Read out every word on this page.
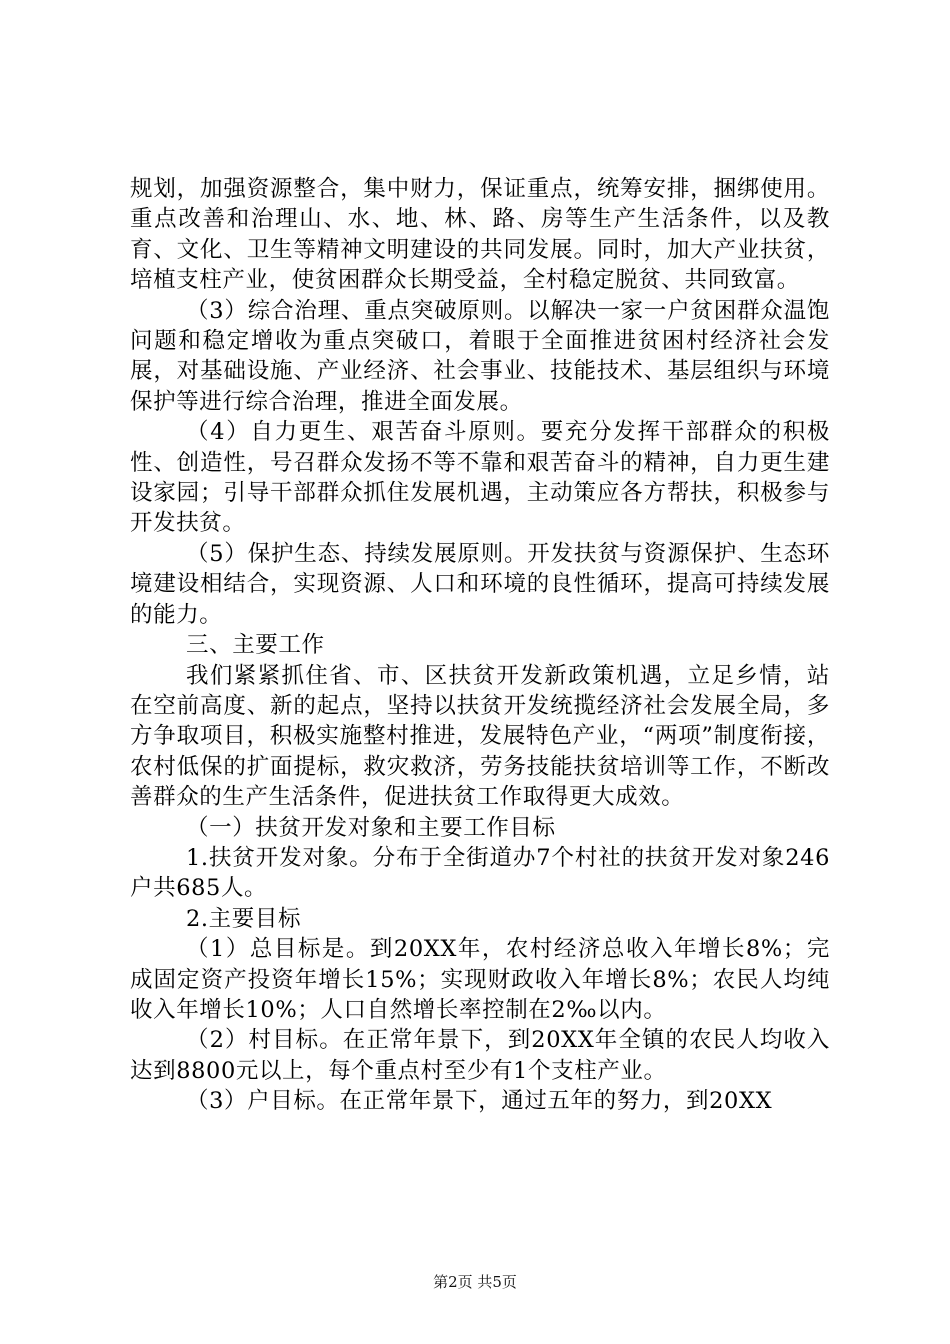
规划，加强资源整合，集中财力，保证重点，统筹安排，捆绑使用。重点改善和治理山、水、地、林、路、房等生产生活条件，以及教育、文化、卫生等精神文明建设的共同发展。同时，加大产业扶贫，培植支柱产业，使贫困群众长期受益，全村稳定脱贫、共同致富。

（3）综合治理、重点突破原则。以解决一家一户贫困群众温饱问题和稳定增收为重点突破口，着眼于全面推进贫困村经济社会发展，对基础设施、产业经济、社会事业、技能技术、基层组织与环境保护等进行综合治理，推进全面发展。

（4）自力更生、艰苦奋斗原则。要充分发挥干部群众的积极性、创造性，号召群众发扬不等不靠和艰苦奋斗的精神，自力更生建设家园；引导干部群众抓住发展机遇，主动策应各方帮扶，积极参与开发扶贫。

（5）保护生态、持续发展原则。开发扶贫与资源保护、生态环境建设相结合，实现资源、人口和环境的良性循环，提高可持续发展的能力。

三、主要工作

我们紧紧抓住省、市、区扶贫开发新政策机遇，立足乡情，站在空前高度、新的起点，坚持以扶贫开发统揽经济社会发展全局，多方争取项目，积极实施整村推进，发展特色产业，“两项”制度衔接，农村低保的扩面提标，救灾救济，劳务技能扶贫培训等工作，不断改善群众的生产生活条件，促进扶贫工作取得更大成效。

（一）扶贫开发对象和主要工作目标

1.扶贫开发对象。分布于全街道办7个村社的扶贫开发对象246户共685人。

2.主要目标

（1）总目标是。到20XX年，农村经济总收入年增长8%；完成固定资产投资年增长15%；实现财政收入年增长8%；农民人均纯收入年增长10%；人口自然增长率控制在2‰以内。

（2）村目标。在正常年景下，到20XX年全镇的农民人均收入达到8800元以上，每个重点村至少有1个支柱产业。

（3）户目标。在正常年景下，通过五年的努力，到20XX

第2页 共5页
